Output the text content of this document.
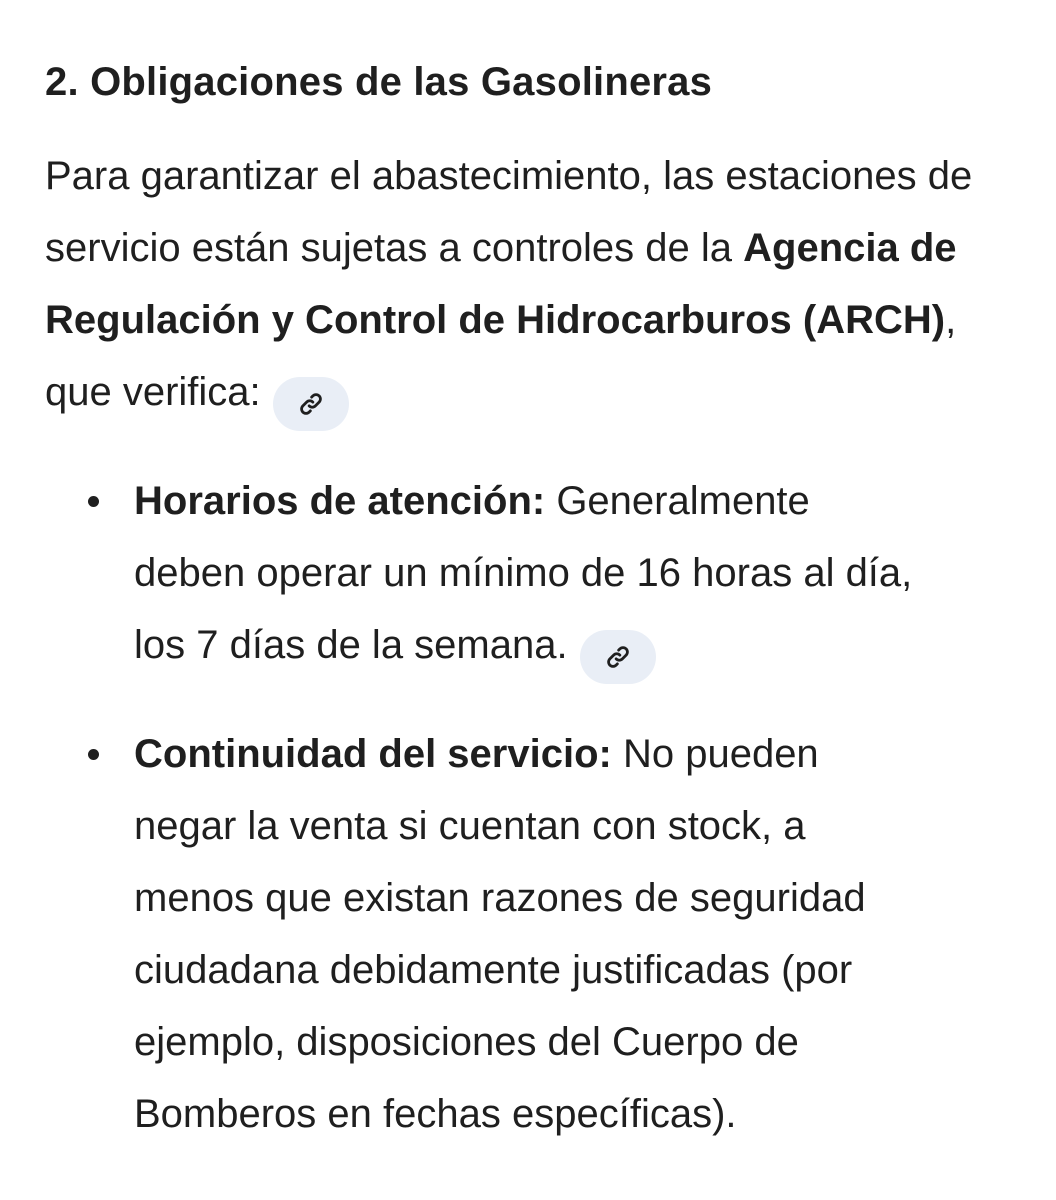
2. Obligaciones de las Gasolineras

Para garantizar el abastecimiento, las estaciones de servicio están sujetas a controles de la Agencia de Regulación y Control de Hidrocarburos (ARCH), que verifica:

Horarios de atención: Generalmente deben operar un mínimo de 16 horas al día, los 7 días de la semana.
Continuidad del servicio: No pueden negar la venta si cuentan con stock, a menos que existan razones de seguridad ciudadana debidamente justificadas (por ejemplo, disposiciones del Cuerpo de Bomberos en fechas específicas).
